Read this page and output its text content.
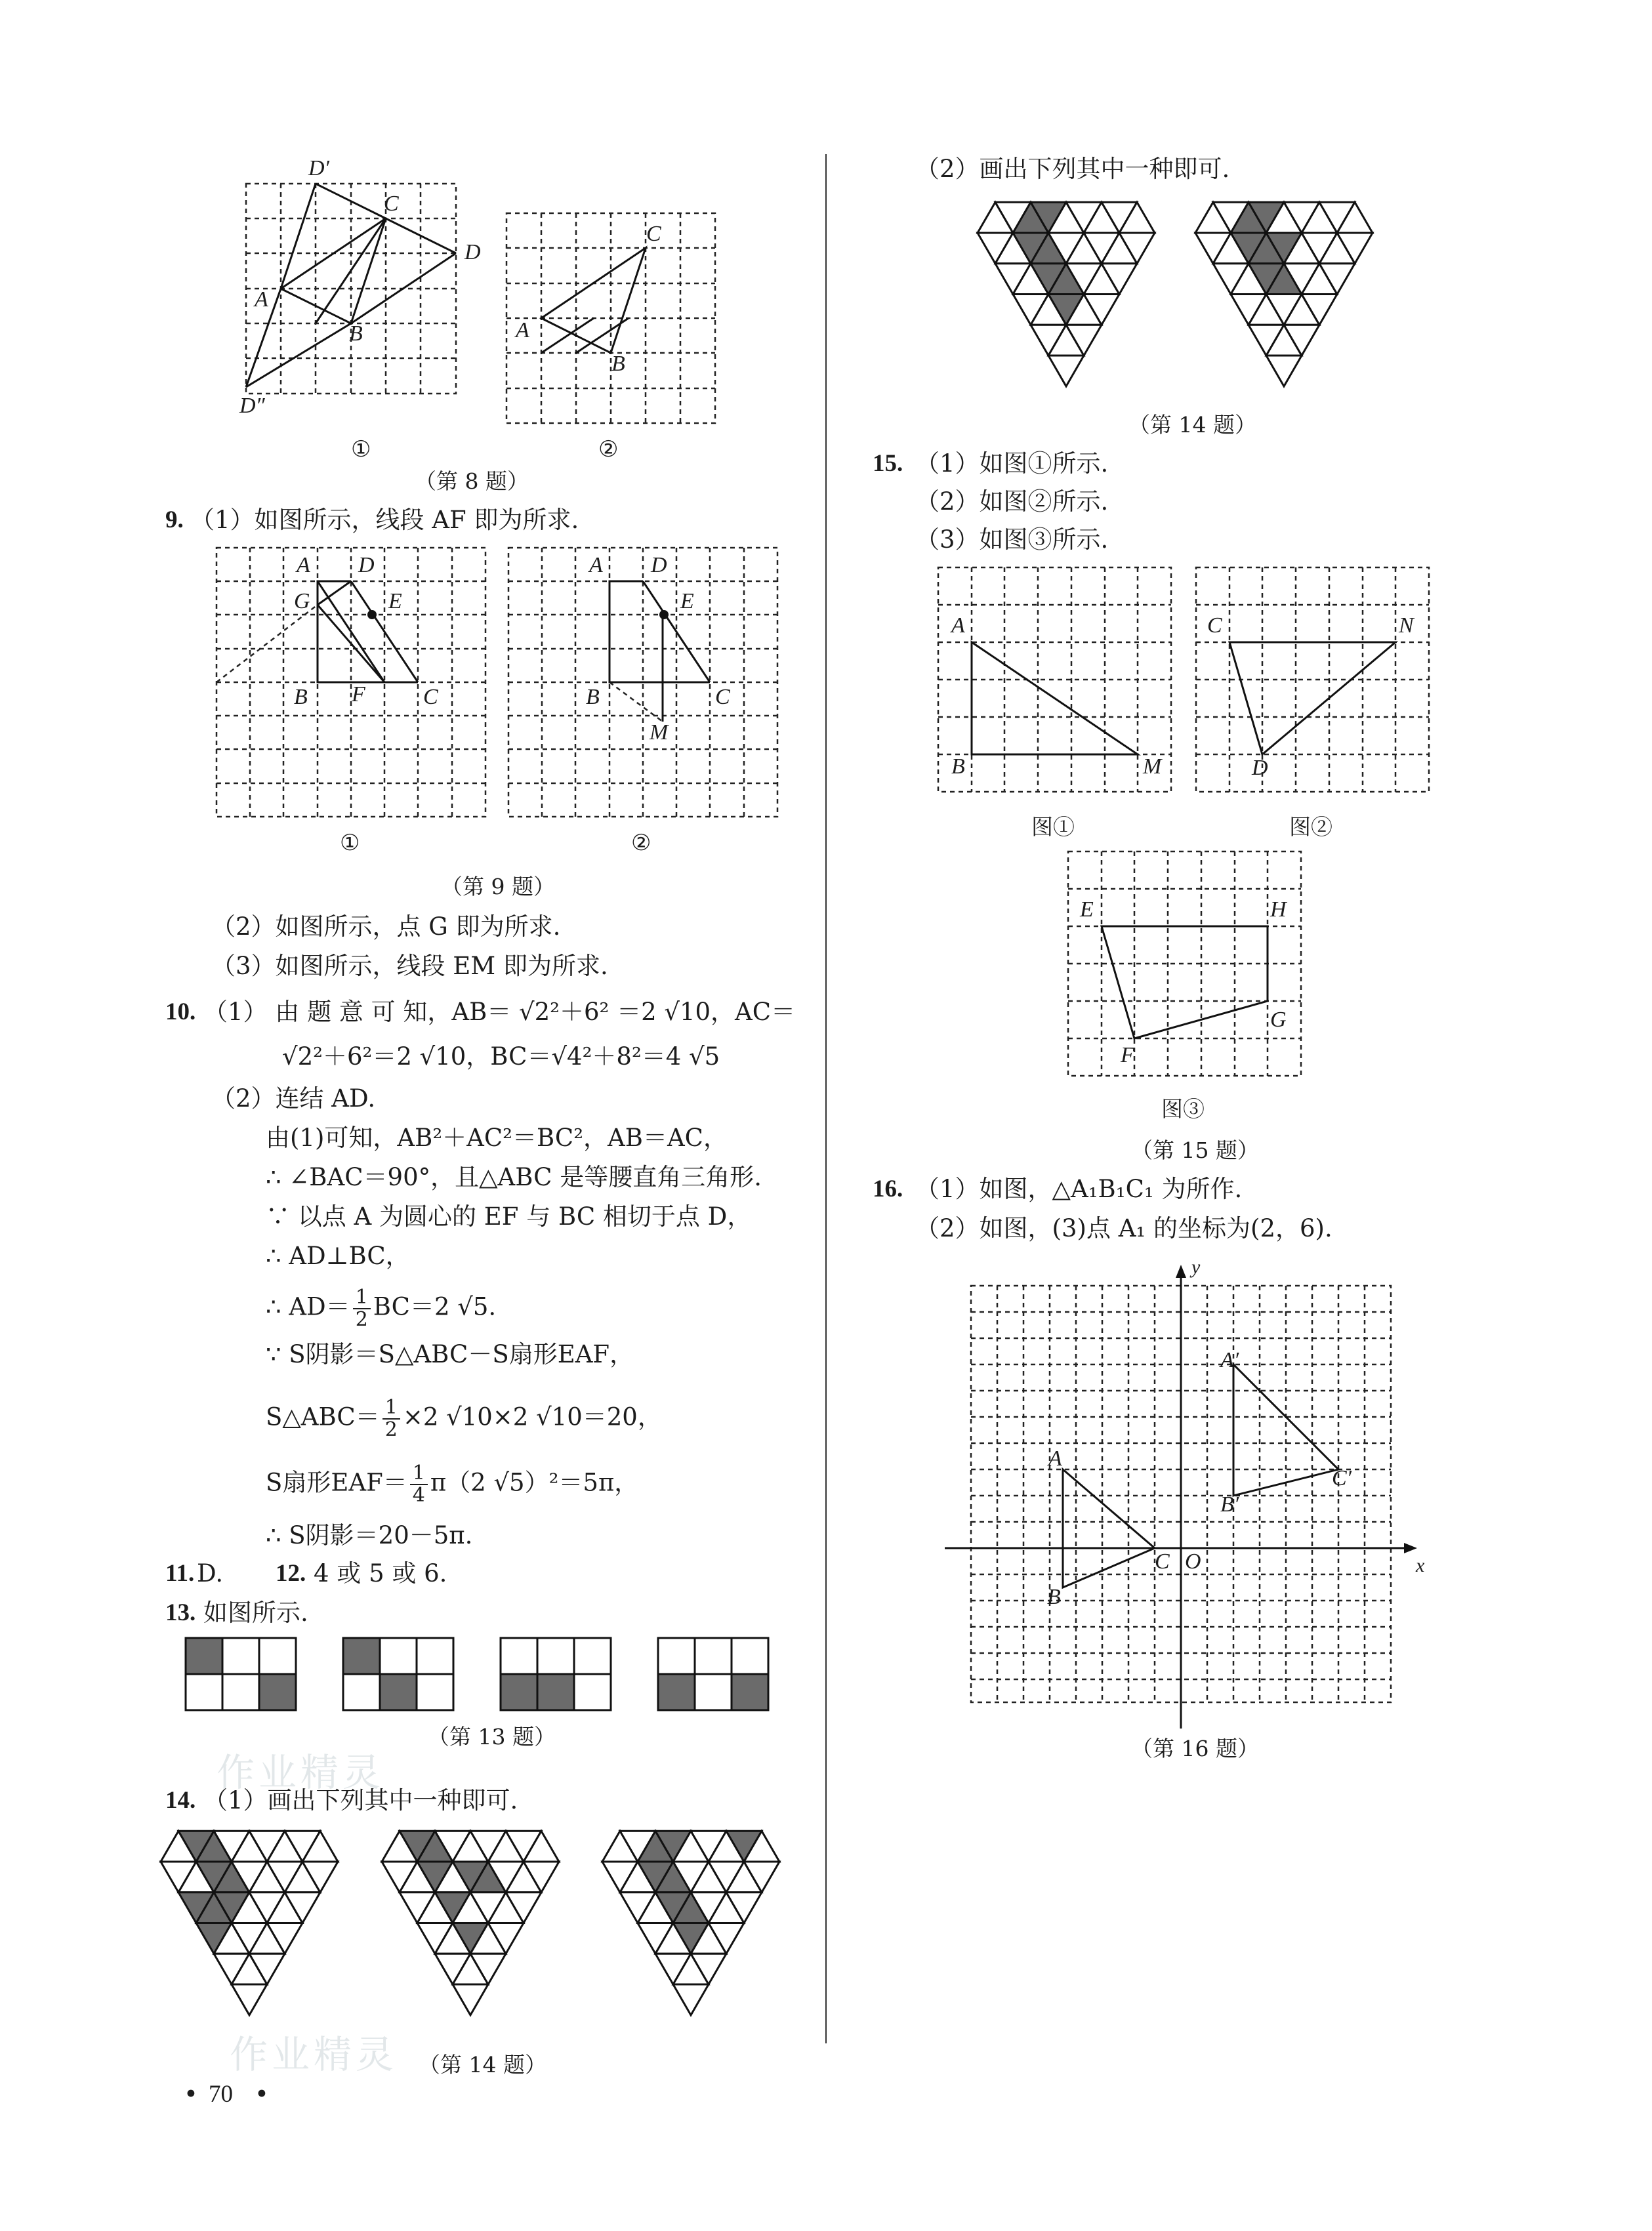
D′
C
D
A
B
D″
①
C
A
B
②
（第 8 题）
9. （1）如图所示，线段 AF 即为所求.
A D
G	E
B F	C
①
A D
E
B	C
M
②
（第 9 题）
（2）如图所示，点 G 即为所求.
（3）如图所示，线段 EM 即为所求.
10. （1） 由 题 意 可 知，AB＝ √2²＋6² ＝2 √10，AC＝
√2²＋6²＝2 √10，BC＝√4²＋8²＝4 √5
（2）连结 AD.
由(1)可知，AB²＋AC²＝BC²，AB＝AC，
∴ ∠BAC＝90°，且△ABC 是等腰直角三角形.
∵ 以点 A 为圆心的 EF 与 BC 相切于点 D，
∴ AD⊥BC，
∴ $AD= \frac{1}{2} BC=2$ √5.
∵ S阴影＝S△ABC－S扇形EAF，
S△ABC＝ $\frac{1}{2} \times 2$ √10×2 √10＝20，
S扇形$EAF= \frac{1}{4} \pi(2$ √5）²＝5π，
∴ S阴影＝20－5π.
11. D. 12. 4 或 5 或 6.
13. 如图所示.
（第 13 题）
14. （1）画出下列其中一种即可.
（第 14 题）
作业精灵
作业精灵
• 70 •
（2）画出下列其中一种即可.
（第 14 题）
15. （1）如图①所示.
（2）如图②所示.
（3）如图③所示.
A
B	M
C	N
D
E	H
G
F
图①	图②
图③
（第 15 题）
16. （1）如图，△A₁B₁C₁ 为所作.
（2）如图，(3)点 A₁ 的坐标为(2，6).
x
y
O
A′
B′
C′
A
B
C
（第 16 题）
